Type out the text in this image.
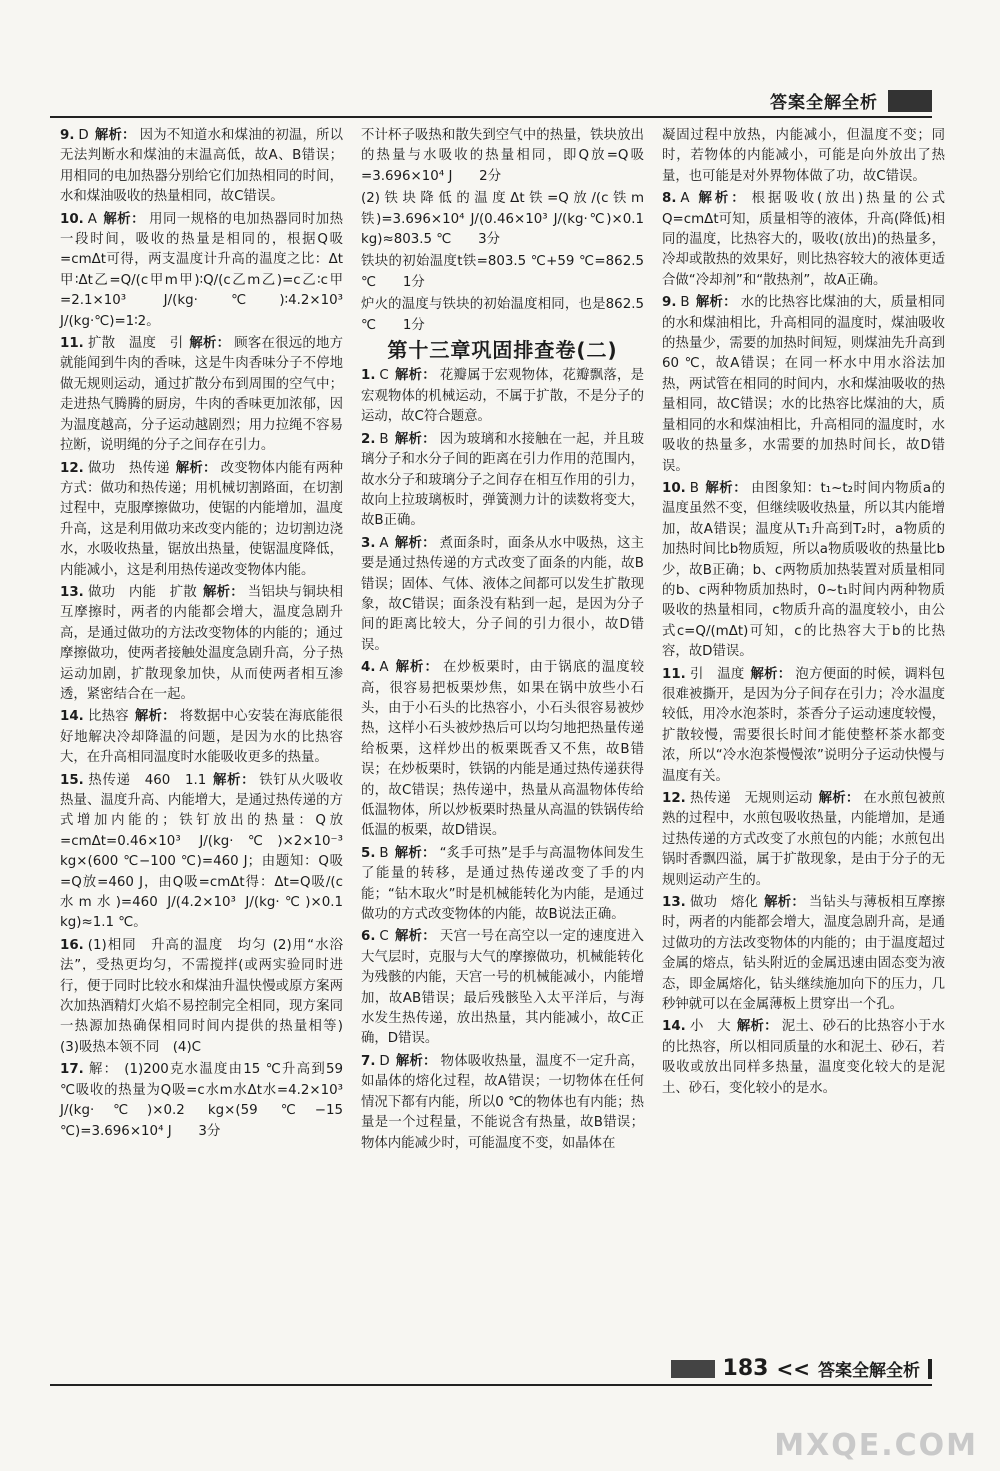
答案全解全析

9. D 解析： 因为不知道水和煤油的初温，所以无法判断水和煤油的末温高低，故A、B错误；用相同的电加热器分别给它们加热相同的时间，水和煤油吸收的热量相同，故C错误。

10. A 解析： 用同一规格的电加热器同时加热一段时间，吸收的热量是相同的，根据Q吸=cmΔt可得，两支温度计升高的温度之比：Δt甲∶Δt乙=Q/(c甲m甲)∶Q/(c乙m乙)=c乙∶c甲=2.1×10³ J/(kg·℃)∶4.2×10³ J/(kg·℃)=1∶2。

11. 扩散　温度　引 解析： 顾客在很远的地方就能闻到牛肉的香味，这是牛肉香味分子不停地做无规则运动，通过扩散分布到周围的空气中；走进热气腾腾的厨房，牛肉的香味更加浓郁，因为温度越高，分子运动越剧烈；用力拉绳不容易拉断，说明绳的分子之间存在引力。

12. 做功　热传递 解析： 改变物体内能有两种方式：做功和热传递；用机械切割路面，在切割过程中，克服摩擦做功，使锯的内能增加，温度升高，这是利用做功来改变内能的；边切割边浇水，水吸收热量，锯放出热量，使锯温度降低，内能减小，这是利用热传递改变物体内能。

13. 做功　内能　扩散 解析： 当铝块与铜块相互摩擦时，两者的内能都会增大，温度急剧升高，是通过做功的方法改变物体的内能的；通过摩擦做功，使两者接触处温度急剧升高，分子热运动加剧，扩散现象加快，从而使两者相互渗透，紧密结合在一起。

14. 比热容 解析： 将数据中心安装在海底能很好地解决冷却降温的问题，是因为水的比热容大，在升高相同温度时水能吸收更多的热量。

15. 热传递　460　1.1 解析： 铁钉从火吸收热量、温度升高、内能增大，是通过热传递的方式增加内能的；铁钉放出的热量：Q放=cmΔt=0.46×10³ J/(kg·℃)×2×10⁻³ kg×(600 ℃−100 ℃)=460 J；由题知：Q吸=Q放=460 J，由Q吸=cmΔt得：Δt=Q吸/(c水m水)=460 J/(4.2×10³ J/(kg·℃)×0.1 kg)≈1.1 ℃。

16. (1)相同　升高的温度　均匀 (2)用“水浴法”，受热更均匀，不需搅拌(或两实验同时进行，便于同时比较水和煤油升温快慢或原方案两次加热酒精灯火焰不易控制完全相同，现方案同一热源加热确保相同时间内提供的热量相等)　(3)吸热本领不同　(4)C

17. 解： (1)200克水温度由15 ℃升高到59 ℃吸收的热量为Q吸=c水m水Δt水=4.2×10³ J/(kg·℃)×0.2 kg×(59 ℃−15 ℃)=3.696×10⁴ J　　3分

不计杯子吸热和散失到空气中的热量，铁块放出的热量与水吸收的热量相同，即Q放=Q吸=3.696×10⁴ J　　2分

(2)铁块降低的温度Δt铁=Q放/(c铁m铁)=3.696×10⁴ J/(0.46×10³ J/(kg·℃)×0.1 kg)≈803.5 ℃　　3分

铁块的初始温度t铁=803.5 ℃+59 ℃=862.5 ℃　　1分

炉火的温度与铁块的初始温度相同，也是862.5 ℃　　1分

第十三章巩固排查卷(二)

1. C 解析： 花瓣属于宏观物体，花瓣飘落，是宏观物体的机械运动，不属于扩散，不是分子的运动，故C符合题意。

2. B 解析： 因为玻璃和水接触在一起，并且玻璃分子和水分子间的距离在引力作用的范围内，故水分子和玻璃分子之间存在相互作用的引力，故向上拉玻璃板时，弹簧测力计的读数将变大，故B正确。

3. A 解析： 煮面条时，面条从水中吸热，这主要是通过热传递的方式改变了面条的内能，故B错误；固体、气体、液体之间都可以发生扩散现象，故C错误；面条没有粘到一起，是因为分子间的距离比较大，分子间的引力很小，故D错误。

4. A 解析： 在炒板栗时，由于锅底的温度较高，很容易把板栗炒焦，如果在锅中放些小石头，由于小石头的比热容小，小石头很容易被炒热，这样小石头被炒热后可以均匀地把热量传递给板栗，这样炒出的板栗既香又不焦，故B错误；在炒板栗时，铁锅的内能是通过热传递获得的，故C错误；热传递中，热量从高温物体传给低温物体，所以炒板栗时热量从高温的铁锅传给低温的板栗，故D错误。

5. B 解析： “炙手可热”是手与高温物体间发生了能量的转移，是通过热传递改变了手的内能；“钻木取火”时是机械能转化为内能，是通过做功的方式改变物体的内能，故B说法正确。

6. C 解析： 天宫一号在高空以一定的速度进入大气层时，克服与大气的摩擦做功，机械能转化为残骸的内能，天宫一号的机械能减小，内能增加，故AB错误；最后残骸坠入太平洋后，与海水发生热传递，放出热量，其内能减小，故C正确，D错误。

7. D 解析： 物体吸收热量，温度不一定升高，如晶体的熔化过程，故A错误；一切物体在任何情况下都有内能，所以0 ℃的物体也有内能；热量是一个过程量，不能说含有热量，故B错误；物体内能减少时，可能温度不变，如晶体在

凝固过程中放热，内能减小，但温度不变；同时，若物体的内能减小，可能是向外放出了热量，也可能是对外界物体做了功，故C错误。

8. A 解析： 根据吸收(放出)热量的公式Q=cmΔt可知，质量相等的液体，升高(降低)相同的温度，比热容大的，吸收(放出)的热量多，冷却或散热的效果好，则比热容较大的液体更适合做“冷却剂”和“散热剂”，故A正确。

9. B 解析： 水的比热容比煤油的大，质量相同的水和煤油相比，升高相同的温度时，煤油吸收的热量少，需要的加热时间短，则煤油先升高到60 ℃，故A错误；在同一杯水中用水浴法加热，两试管在相同的时间内，水和煤油吸收的热量相同，故C错误；水的比热容比煤油的大，质量相同的水和煤油相比，升高相同的温度时，水吸收的热量多，水需要的加热时间长，故D错误。

10. B 解析： 由图象知：t₁~t₂时间内物质a的温度虽然不变，但继续吸收热量，所以其内能增加，故A错误；温度从T₁升高到T₂时，a物质的加热时间比b物质短，所以a物质吸收的热量比b少，故B正确；b、c两物质加热装置对质量相同的b、c两种物质加热时，0~t₁时间内两种物质吸收的热量相同，c物质升高的温度较小，由公式c=Q/(mΔt)可知，c的比热容大于b的比热容，故D错误。

11. 引　温度 解析： 泡方便面的时候，调料包很难被撕开，是因为分子间存在引力；冷水温度较低，用冷水泡茶时，茶香分子运动速度较慢，扩散较慢，需要很长时间才能使整杯茶水都变浓，所以“冷水泡茶慢慢浓”说明分子运动快慢与温度有关。

12. 热传递　无规则运动 解析： 在水煎包被煎熟的过程中，水煎包吸收热量，内能增加，是通过热传递的方式改变了水煎包的内能；水煎包出锅时香飘四溢，属于扩散现象，是由于分子的无规则运动产生的。

13. 做功　熔化 解析： 当钻头与薄板相互摩擦时，两者的内能都会增大，温度急剧升高，是通过做功的方法改变物体的内能的；由于温度超过金属的熔点，钻头附近的金属迅速由固态变为液态，即金属熔化，钻头继续施加向下的压力，几秒钟就可以在金属薄板上贯穿出一个孔。

14. 小　大 解析： 泥土、砂石的比热容小于水的比热容，所以相同质量的水和泥土、砂石，若吸收或放出同样多热量，温度变化较大的是泥土、砂石，变化较小的是水。

183 << 答案全解全析
MXQE.COM
